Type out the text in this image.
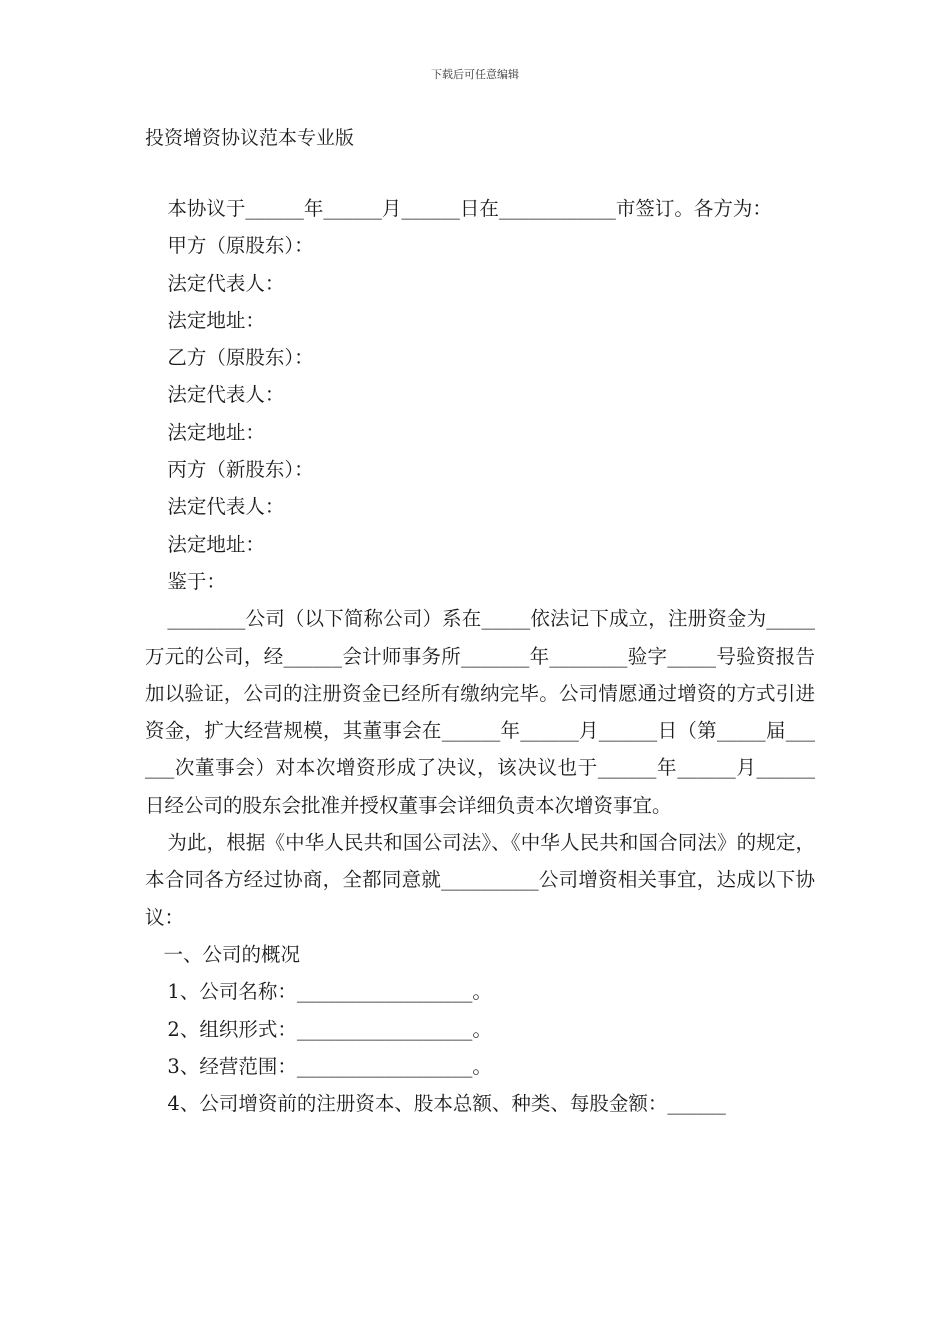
下载后可任意编辑
投资增资协议范本专业版

本协议于______年______月______日在____________市签订。各方为：

甲方（原股东）：

法定代表人：

法定地址：

乙方（原股东）：

法定代表人：

法定地址：

丙方（新股东）：

法定代表人：

法定地址：

鉴于：

________公司（以下简称公司）系在_____依法记下成立，注册资金为_____万元的公司，经______会计师事务所_______年________验字_____号验资报告加以验证，公司的注册资金已经所有缴纳完毕。公司情愿通过增资的方式引进资金，扩大经营规模，其董事会在______年______月______日（第_____届______次董事会）对本次增资形成了决议，该决议也于______年______月______日经公司的股东会批准并授权董事会详细负责本次增资事宜。

为此，根据《中华人民共和国公司法》、《中华人民共和国合同法》的规定，本合同各方经过协商，全都同意就__________公司增资相关事宜，达成以下协议：

一、公司的概况

1、公司名称：__________________。

2、组织形式：__________________。

3、经营范围：__________________。

4、公司增资前的注册资本、股本总额、种类、每股金额：______
